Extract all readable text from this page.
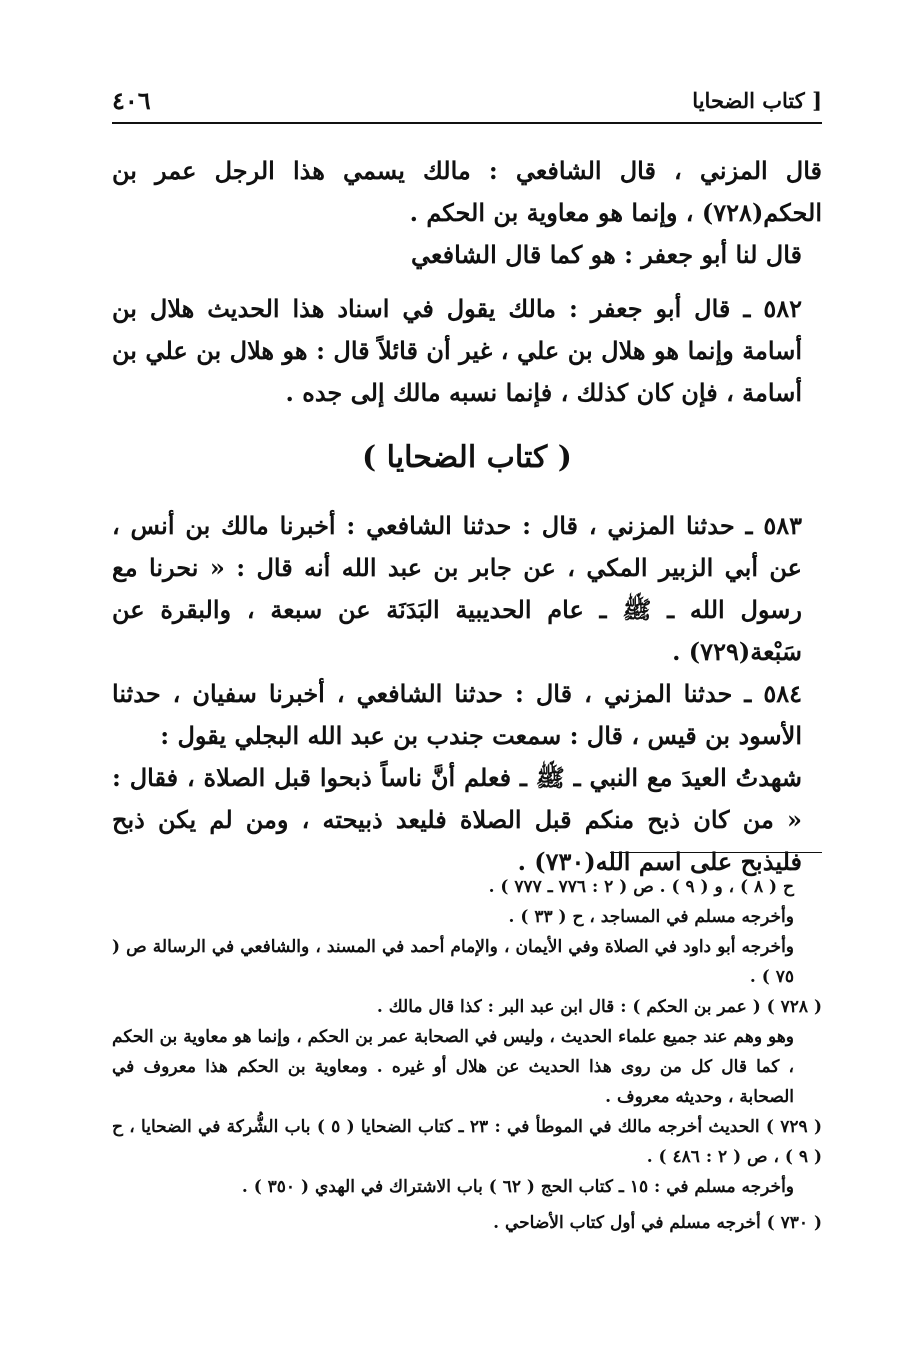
٤٠٦	[ كتاب الضحايا

قال المزني ، قال الشافعي : مالك يسمي هذا الرجل عمر بن الحكم(٧٢٨) ، وإنما هو معاوية بن الحكم .

قال لنا أبو جعفر : هو كما قال الشافعي

٥٨٢ ـ قال أبو جعفر : مالك يقول في اسناد هذا الحديث هلال بن أسامة وإنما هو هلال بن علي ، غير أن قائلاً قال : هو هلال بن علي بن أسامة ، فإن كان كذلك ، فإنما نسبه مالك إلى جده .

( كتاب الضحايا )

٥٨٣ ـ حدثنا المزني ، قال : حدثنا الشافعي : أخبرنا مالك بن أنس ، عن أبي الزبير المكي ، عن جابر بن عبد الله أنه قال : « نحرنا مع رسول الله ـ ﷺ ـ عام الحديبية البَدَنَة عن سبعة ، والبقرة عن سَبْعة(٧٢٩) .

٥٨٤ ـ حدثنا المزني ، قال : حدثنا الشافعي ، أخبرنا سفيان ، حدثنا الأسود بن قيس ، قال : سمعت جندب بن عبد الله البجلي يقول :

شهدتُ العيدَ مع النبي ـ ﷺ ـ فعلم أنَّ ناساً ذبحوا قبل الصلاة ، فقال : « من كان ذبح منكم قبل الصلاة فليعد ذبيحته ، ومن لم يكن ذبح فليذبح على اسم الله(٧٣٠) .

ح ( ٨ ) ، و ( ٩ ) . ص ( ٢ : ٧٧٦ ـ ٧٧٧ ) .

وأخرجه مسلم في المساجد ، ح ( ٣٣ ) .

وأخرجه أبو داود في الصلاة وفي الأيمان ، والإمام أحمد في المسند ، والشافعي في الرسالة ص ( ٧٥ ) .

( ٧٢٨ ) ( عمر بن الحكم ) : قال ابن عبد البر : كذا قال مالك .

وهو وهم عند جميع علماء الحديث ، وليس في الصحابة عمر بن الحكم ، وإنما هو معاوية بن الحكم ، كما قال كل من روى هذا الحديث عن هلال أو غيره . ومعاوية بن الحكم هذا معروف في الصحابة ، وحديثه معروف .

( ٧٢٩ ) الحديث أخرجه مالك في الموطأ في : ٢٣ ـ كتاب الضحايا ( ٥ ) باب الشُّركة في الضحايا ، ح ( ٩ ) ، ص ( ٢ : ٤٨٦ ) .

وأخرجه مسلم في : ١٥ ـ كتاب الحج ( ٦٢ ) باب الاشتراك في الهدي ( ٣٥٠ ) .

( ٧٣٠ ) أخرجه مسلم في أول كتاب الأضاحي .
